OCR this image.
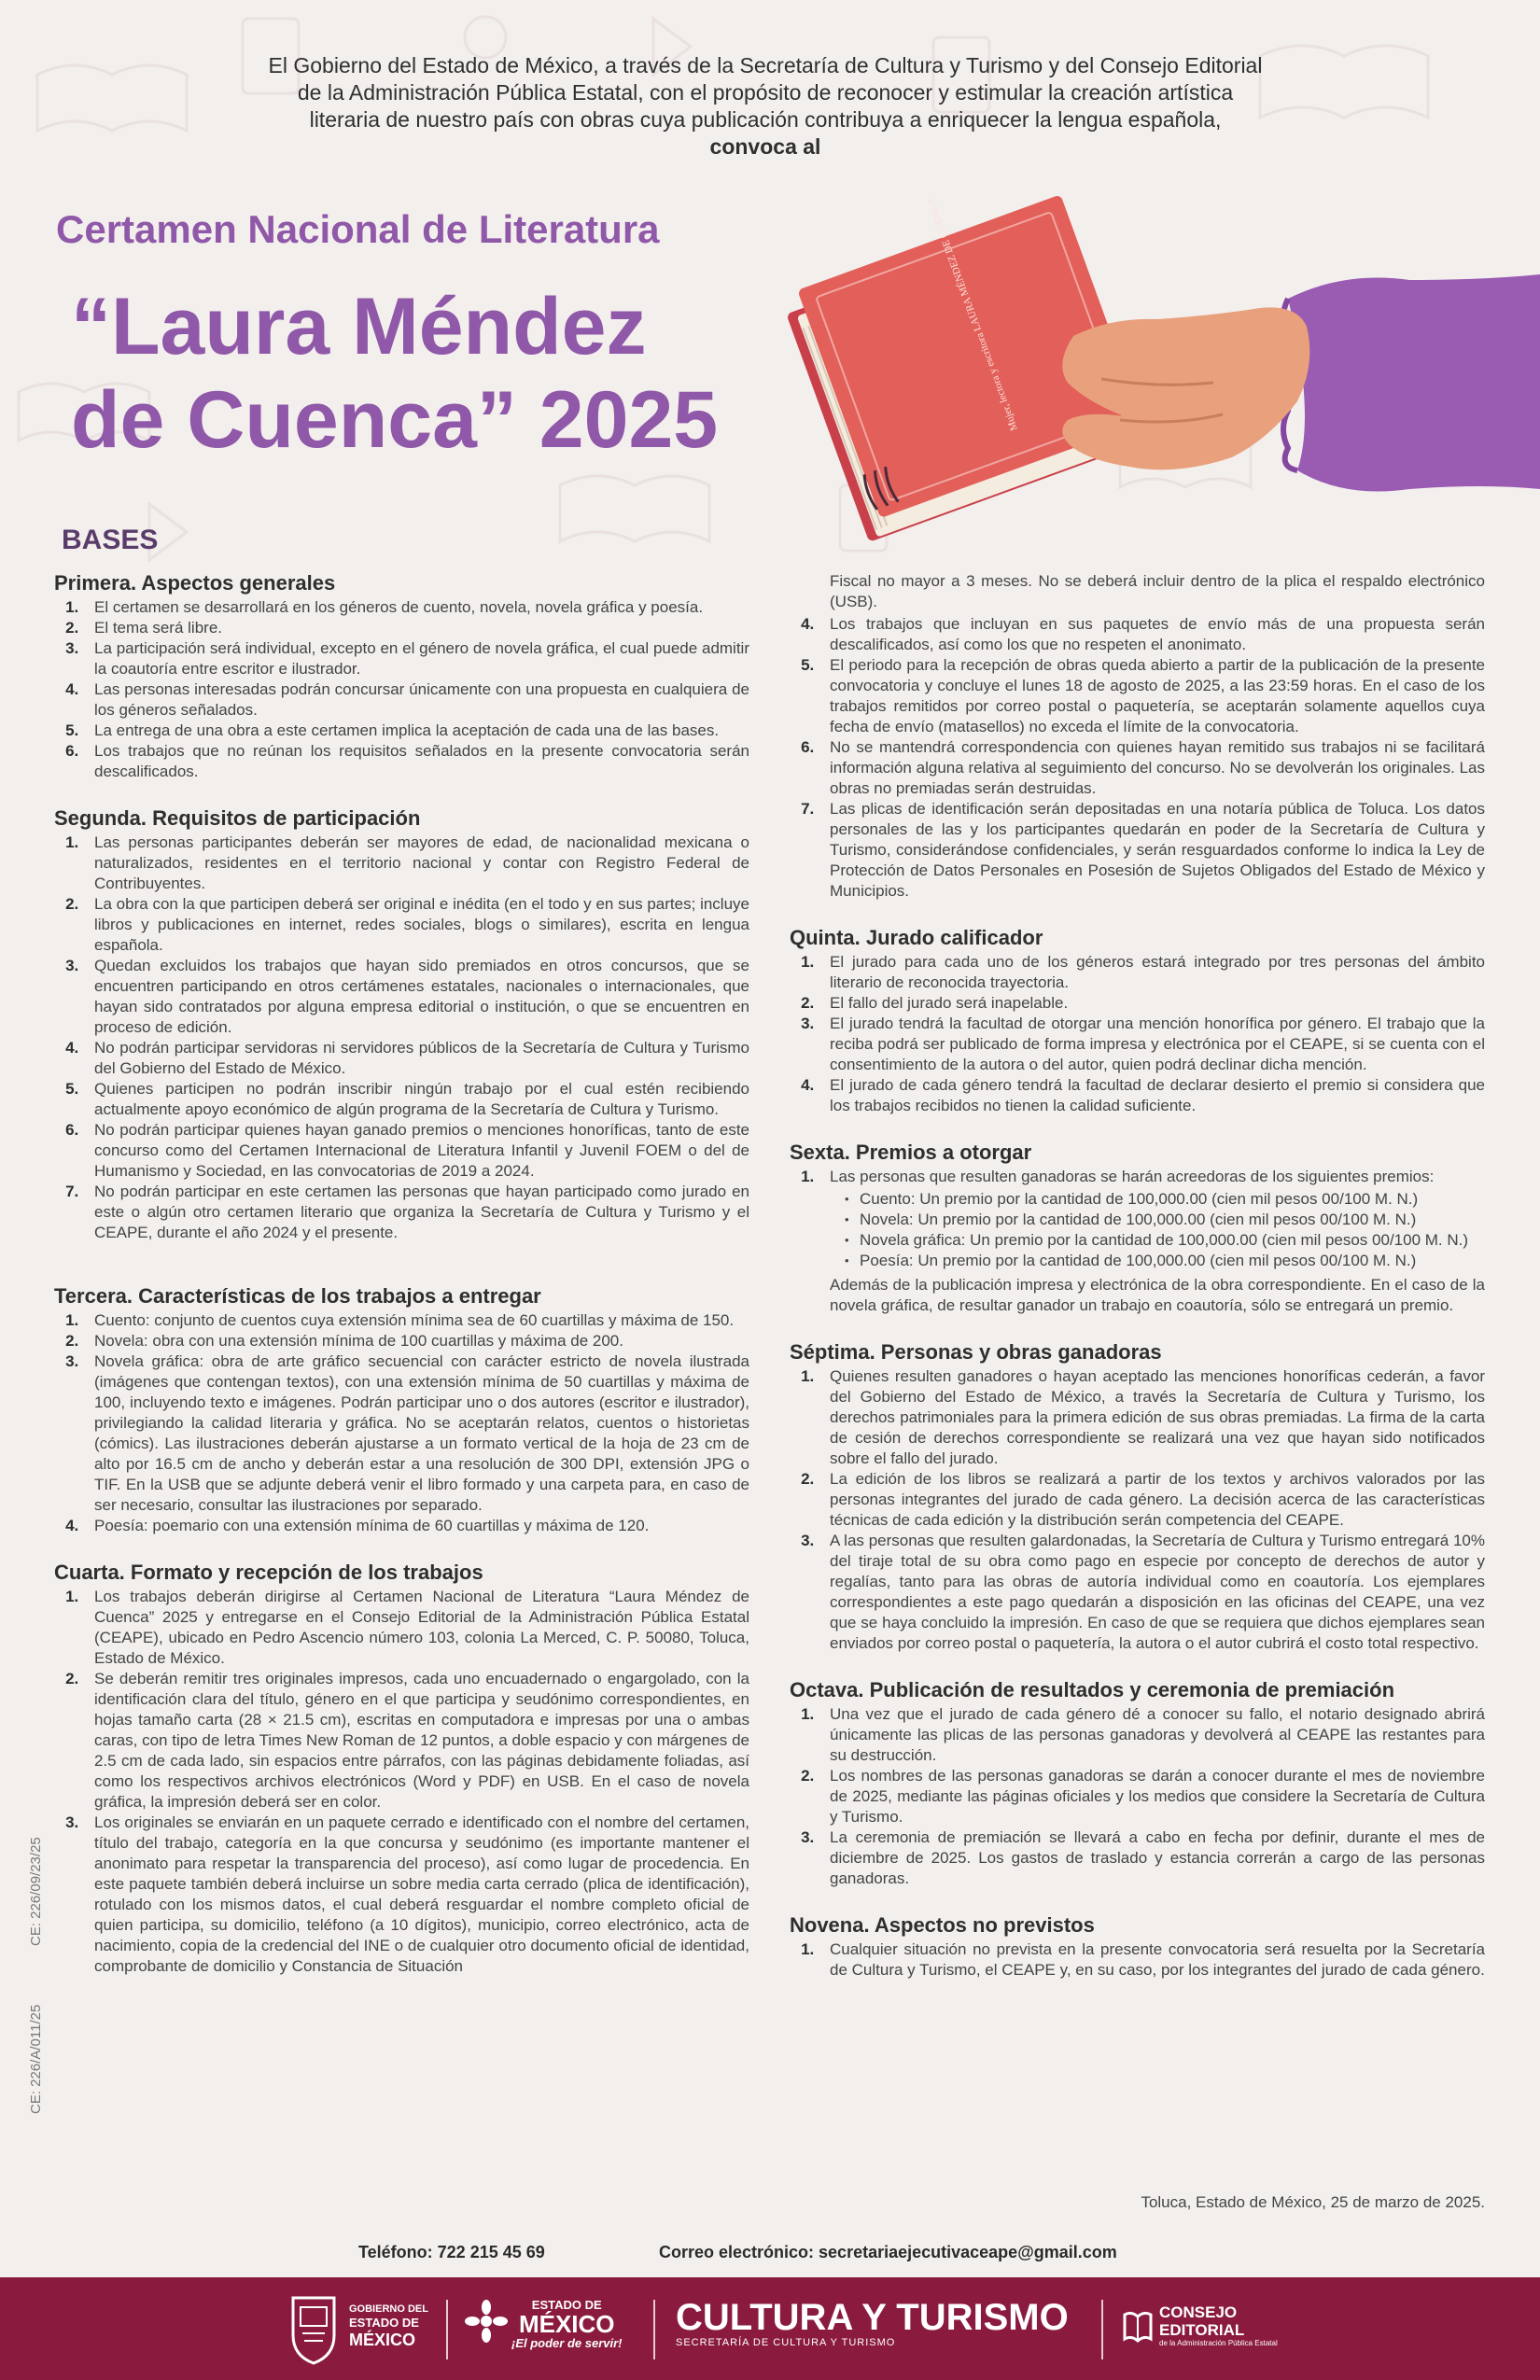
El Gobierno del Estado de México, a través de la Secretaría de Cultura y Turismo y del Consejo Editorial
de la Administración Pública Estatal, con el propósito de reconocer y estimular la creación artística
literaria de nuestro país con obras cuya publicación contribuya a enriquecer la lengua española,

convoca al
Certamen Nacional de Literatura
“Laura Méndez
de Cuenca” 2025	Mujer, lectora y escritora LAURA MÉNDEZ DE CUENCA
BASES
Primera. Aspectos generales
1. El certamen se desarrollará en los géneros de cuento, novela, novela gráfica y poesía.
2. El tema será libre.
3. La participación será individual, excepto en el género de novela gráfica, el cual puede admitir la coautoría entre escritor e ilustrador.
4. Las personas interesadas podrán concursar únicamente con una propuesta en cualquiera de los géneros señalados.
5. La entrega de una obra a este certamen implica la aceptación de cada una de las bases.
6. Los trabajos que no reúnan los requisitos señalados en la presente convocatoria serán descalificados.
Segunda. Requisitos de participación
1. Las personas participantes deberán ser mayores de edad, de nacionalidad mexicana o naturalizados, residentes en el territorio nacional y contar con Registro Federal de Contribuyentes.
2. La obra con la que participen deberá ser original e inédita (en el todo y en sus partes; incluye libros y publicaciones en internet, redes sociales, blogs o similares), escrita en lengua española.
3. Quedan excluidos los trabajos que hayan sido premiados en otros concursos, que se encuentren participando en otros certámenes estatales, nacionales o internacionales, que hayan sido contratados por alguna empresa editorial o institución, o que se encuentren en proceso de edición.
4. No podrán participar servidoras ni servidores públicos de la Secretaría de Cultura y Turismo del Gobierno del Estado de México.
5. Quienes participen no podrán inscribir ningún trabajo por el cual estén recibiendo actualmente apoyo económico de algún programa de la Secretaría de Cultura y Turismo.
6. No podrán participar quienes hayan ganado premios o menciones honoríficas, tanto de este concurso como del Certamen Internacional de Literatura Infantil y Juvenil FOEM o del de Humanismo y Sociedad, en las convocatorias de 2019 a 2024.
7. No podrán participar en este certamen las personas que hayan participado como jurado en este o algún otro certamen literario que organiza la Secretaría de Cultura y Turismo y el CEAPE, durante el año 2024 y el presente.
Tercera. Características de los trabajos a entregar
1. Cuento: conjunto de cuentos cuya extensión mínima sea de 60 cuartillas y máxima de 150.
2. Novela: obra con una extensión mínima de 100 cuartillas y máxima de 200.
3. Novela gráfica: obra de arte gráfico secuencial con carácter estricto de novela ilustrada (imágenes que contengan textos), con una extensión mínima de 50 cuartillas y máxima de 100, incluyendo texto e imágenes. Podrán participar uno o dos autores (escritor e ilustrador), privilegiando la calidad literaria y gráfica. No se aceptarán relatos, cuentos o historietas (cómics). Las ilustraciones deberán ajustarse a un formato vertical de la hoja de 23 cm de alto por 16.5 cm de ancho y deberán estar a una resolución de 300 DPI, extensión JPG o TIF. En la USB que se adjunte deberá venir el libro formado y una carpeta para, en caso de ser necesario, consultar las ilustraciones por separado.
4. Poesía: poemario con una extensión mínima de 60 cuartillas y máxima de 120.
Cuarta. Formato y recepción de los trabajos
1. Los trabajos deberán dirigirse al Certamen Nacional de Literatura “Laura Méndez de Cuenca” 2025 y entregarse en el Consejo Editorial de la Administración Pública Estatal (CEAPE), ubicado en Pedro Ascencio número 103, colonia La Merced, C. P. 50080, Toluca, Estado de México.
2. Se deberán remitir tres originales impresos, cada uno encuadernado o engargolado, con la identificación clara del título, género en el que participa y seudónimo correspondientes, en hojas tamaño carta (28 × 21.5 cm), escritas en computadora e impresas por una o ambas caras, con tipo de letra Times New Roman de 12 puntos, a doble espacio y con márgenes de 2.5 cm de cada lado, sin espacios entre párrafos, con las páginas debidamente foliadas, así como los respectivos archivos electrónicos (Word y PDF) en USB. En el caso de novela gráfica, la impresión deberá ser en color.
3. Los originales se enviarán en un paquete cerrado e identificado con el nombre del certamen, título del trabajo, categoría en la que concursa y seudónimo (es importante mantener el anonimato para respetar la transparencia del proceso), así como lugar de procedencia. En este paquete también deberá incluirse un sobre media carta cerrado (plica de identificación), rotulado con los mismos datos, el cual deberá resguardar el nombre completo oficial de quien participa, su domicilio, teléfono (a 10 dígitos), municipio, correo electrónico, acta de nacimiento, copia de la credencial del INE o de cualquier otro documento oficial de identidad, comprobante de domicilio y Constancia de Situación
Fiscal no mayor a 3 meses. No se deberá incluir dentro de la plica el respaldo electrónico (USB).
4. Los trabajos que incluyan en sus paquetes de envío más de una propuesta serán descalificados, así como los que no respeten el anonimato.
5. El periodo para la recepción de obras queda abierto a partir de la publicación de la presente convocatoria y concluye el lunes 18 de agosto de 2025, a las 23:59 horas. En el caso de los trabajos remitidos por correo postal o paquetería, se aceptarán solamente aquellos cuya fecha de envío (matasellos) no exceda el límite de la convocatoria.
6. No se mantendrá correspondencia con quienes hayan remitido sus trabajos ni se facilitará información alguna relativa al seguimiento del concurso. No se devolverán los originales. Las obras no premiadas serán destruidas.
7. Las plicas de identificación serán depositadas en una notaría pública de Toluca. Los datos personales de las y los participantes quedarán en poder de la Secretaría de Cultura y Turismo, considerándose confidenciales, y serán resguardados conforme lo indica la Ley de Protección de Datos Personales en Posesión de Sujetos Obligados del Estado de México y Municipios.
Quinta. Jurado calificador
1. El jurado para cada uno de los géneros estará integrado por tres personas del ámbito literario de reconocida trayectoria.
2. El fallo del jurado será inapelable.
3. El jurado tendrá la facultad de otorgar una mención honorífica por género. El trabajo que la reciba podrá ser publicado de forma impresa y electrónica por el CEAPE, si se cuenta con el consentimiento de la autora o del autor, quien podrá declinar dicha mención.
4. El jurado de cada género tendrá la facultad de declarar desierto el premio si considera que los trabajos recibidos no tienen la calidad suficiente.
Sexta. Premios a otorgar
1. Las personas que resulten ganadoras se harán acreedoras de los siguientes premios:
• Cuento: Un premio por la cantidad de 100,000.00 (cien mil pesos 00/100 M. N.)
• Novela: Un premio por la cantidad de 100,000.00 (cien mil pesos 00/100 M. N.)
• Novela gráfica: Un premio por la cantidad de 100,000.00 (cien mil pesos 00/100 M. N.)
• Poesía: Un premio por la cantidad de 100,000.00 (cien mil pesos 00/100 M. N.)
Además de la publicación impresa y electrónica de la obra correspondiente. En el caso de la novela gráfica, de resultar ganador un trabajo en coautoría, sólo se entregará un premio.
Séptima. Personas y obras ganadoras
1. Quienes resulten ganadores o hayan aceptado las menciones honoríficas cederán, a favor del Gobierno del Estado de México, a través la Secretaría de Cultura y Turismo, los derechos patrimoniales para la primera edición de sus obras premiadas. La firma de la carta de cesión de derechos correspondiente se realizará una vez que hayan sido notificados sobre el fallo del jurado.
2. La edición de los libros se realizará a partir de los textos y archivos valorados por las personas integrantes del jurado de cada género. La decisión acerca de las características técnicas de cada edición y la distribución serán competencia del CEAPE.
3. A las personas que resulten galardonadas, la Secretaría de Cultura y Turismo entregará 10% del tiraje total de su obra como pago en especie por concepto de derechos de autor y regalías, tanto para las obras de autoría individual como en coautoría. Los ejemplares correspondientes a este pago quedarán a disposición en las oficinas del CEAPE, una vez que se haya concluido la impresión. En caso de que se requiera que dichos ejemplares sean enviados por correo postal o paquetería, la autora o el autor cubrirá el costo total respectivo.
Octava. Publicación de resultados y ceremonia de premiación
1. Una vez que el jurado de cada género dé a conocer su fallo, el notario designado abrirá únicamente las plicas de las personas ganadoras y devolverá al CEAPE las restantes para su destrucción.
2. Los nombres de las personas ganadoras se darán a conocer durante el mes de noviembre de 2025, mediante las páginas oficiales y los medios que considere la Secretaría de Cultura y Turismo.
3. La ceremonia de premiación se llevará a cabo en fecha por definir, durante el mes de diciembre de 2025. Los gastos de traslado y estancia correrán a cargo de las personas ganadoras.
Novena. Aspectos no previstos
1. Cualquier situación no prevista en la presente convocatoria será resuelta por la Secretaría de Cultura y Turismo, el CEAPE y, en su caso, por los integrantes del jurado de cada género.
Toluca, Estado de México, 25 de marzo de 2025.
CE: 226/09/23/25
CE: 226/A/011/25
Teléfono: 722 215 45 69	Correo electrónico: secretariaejecutivaceape@gmail.com
GOBIERNO DEL
ESTADO DE
MÉXICO
ESTADO DE
MÉXICO
¡El poder de servir!
CULTURA Y TURISMO
SECRETARÍA DE CULTURA Y TURISMO
CONSEJO
EDITORIAL
de la Administración Pública Estatal
